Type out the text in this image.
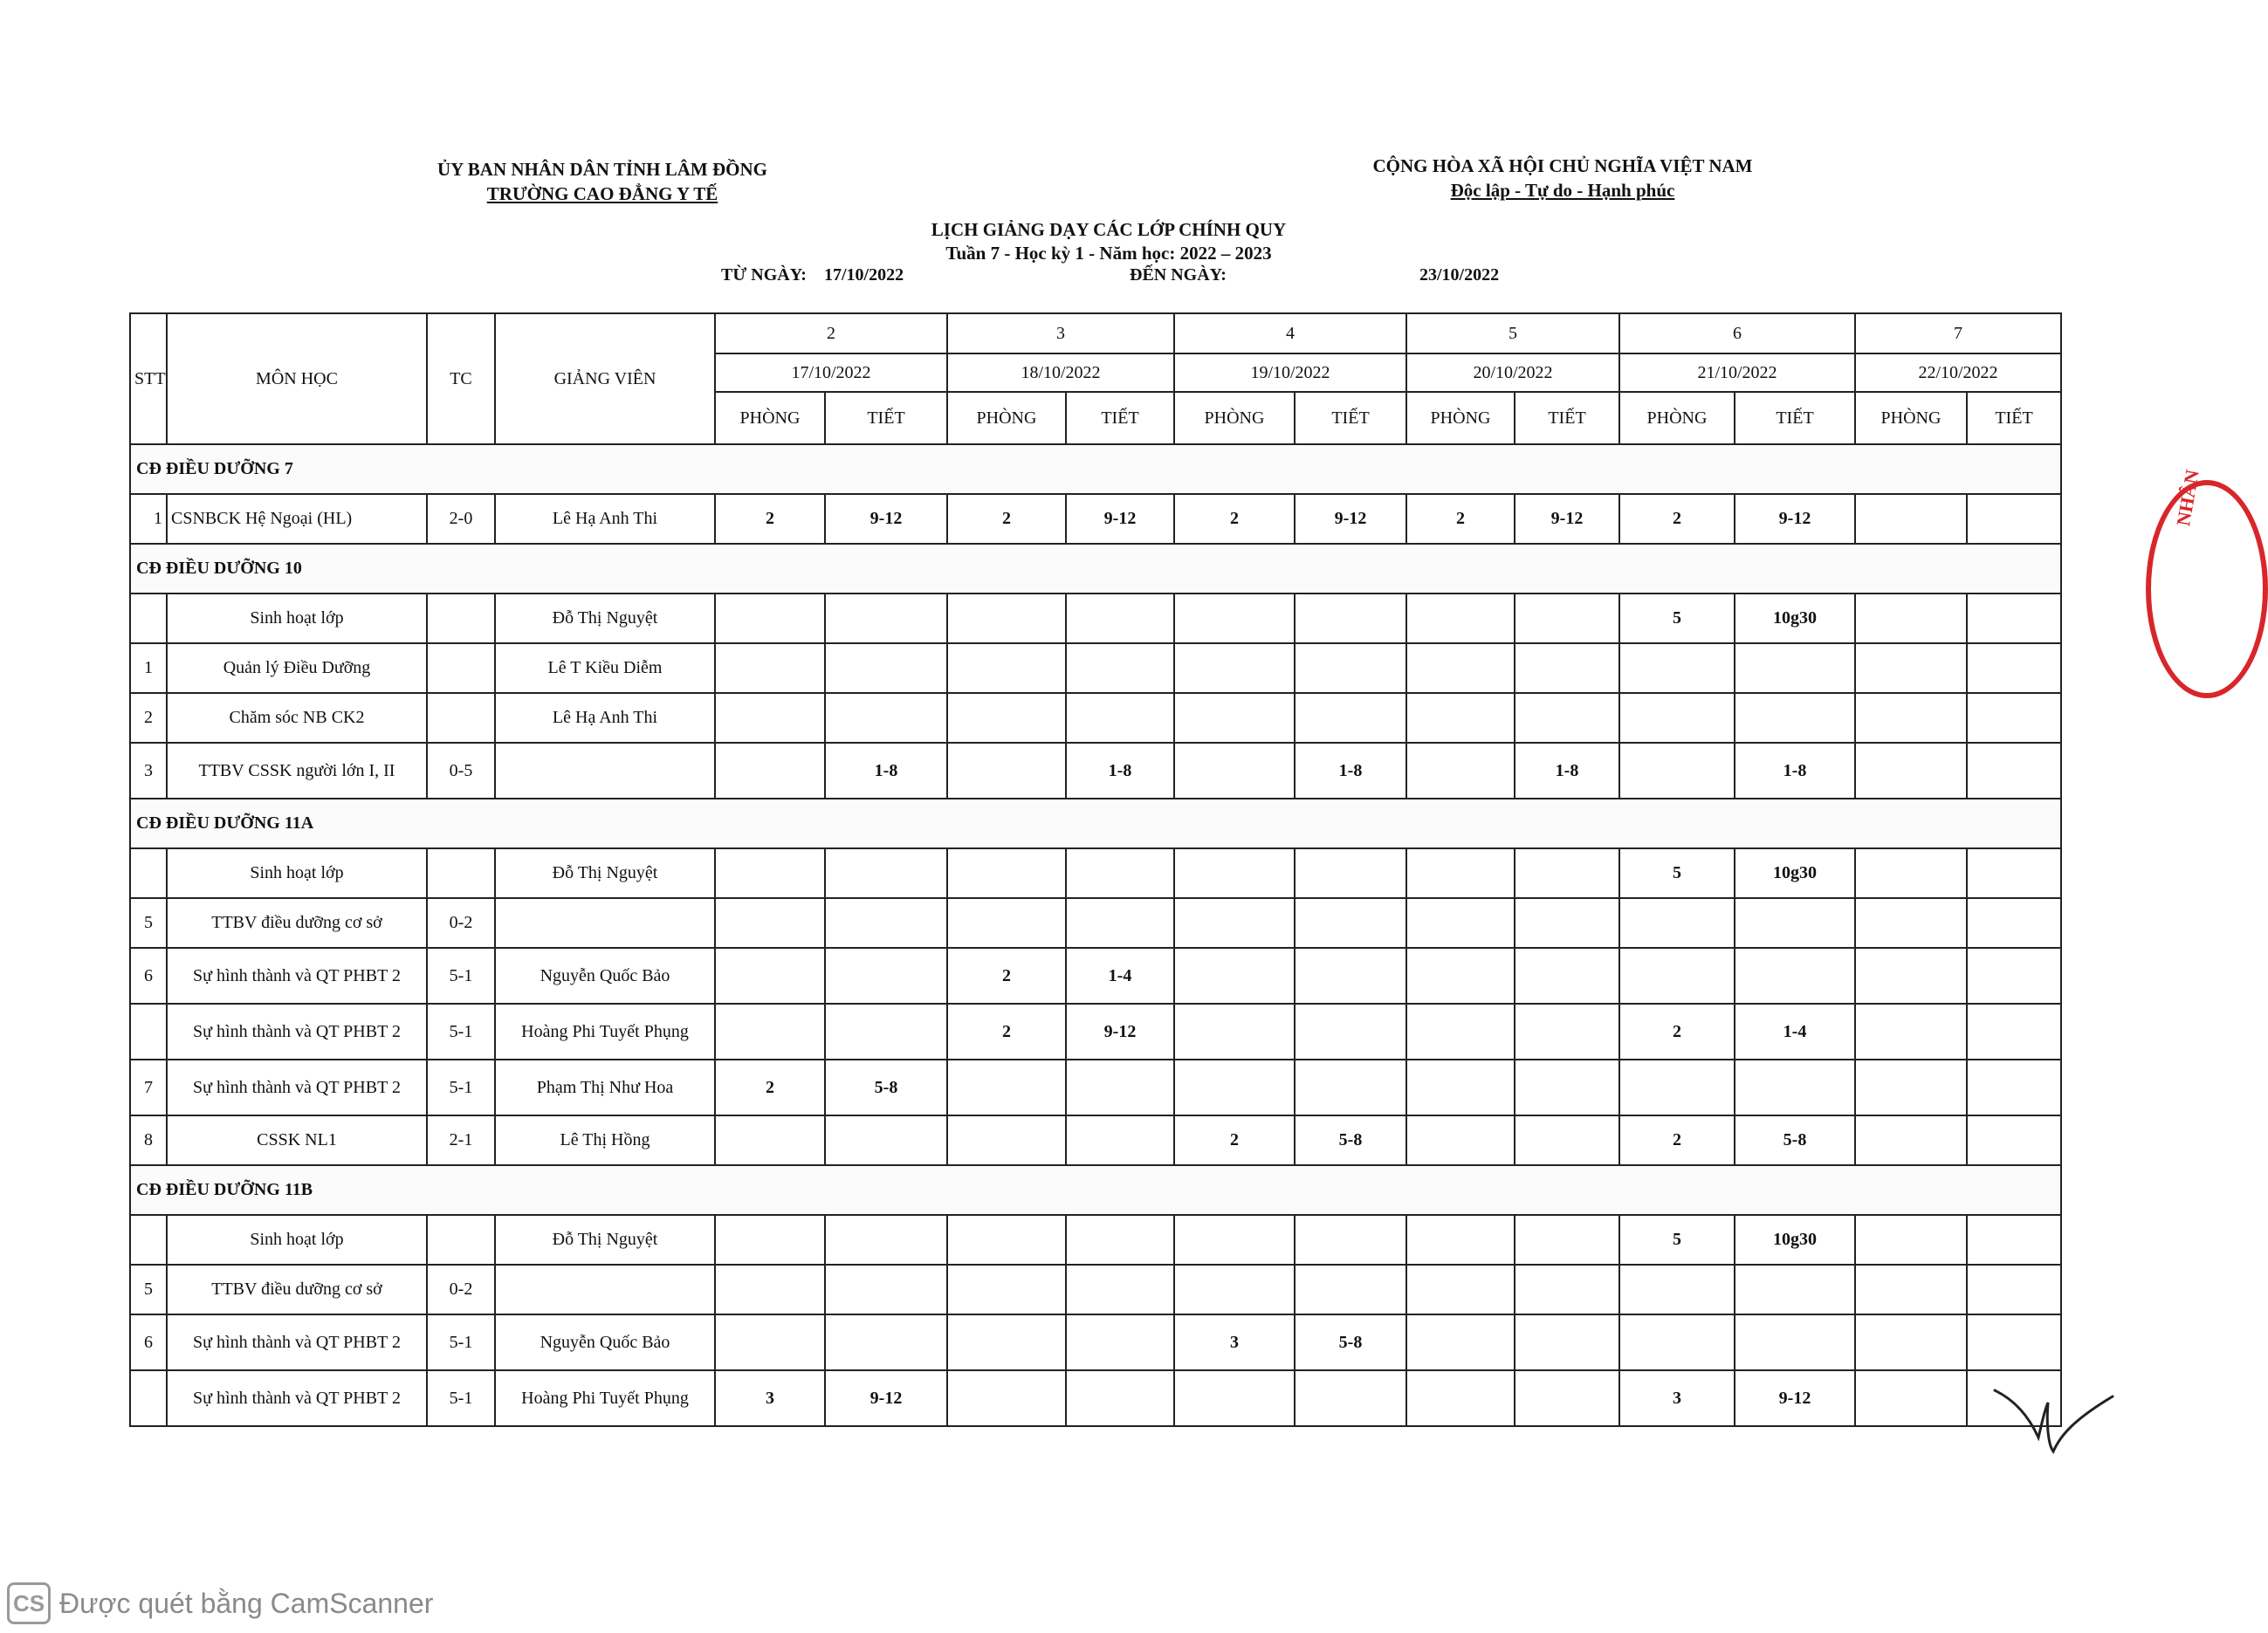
ỦY BAN NHÂN DÂN TỈNH LÂM ĐỒNG
TRƯỜNG CAO ĐẲNG Y TẾ
CỘNG HÒA XÃ HỘI CHỦ NGHĨA VIỆT NAM
Độc lập - Tự do - Hạnh phúc
LỊCH GIẢNG DẠY CÁC LỚP CHÍNH QUY
Tuần 7 - Học kỳ 1 - Năm học: 2022 – 2023
TỪ NGÀY: 17/10/2022	ĐẾN NGÀY:	23/10/2022
STT	MÔN HỌC	TC	GIẢNG VIÊN	2		3		4		5		6		7	
				17/10/2022		18/10/2022		19/10/2022		20/10/2022		21/10/2022		22/10/2022	
				PHÒNG	TIẾT	PHÒNG	TIẾT	PHÒNG	TIẾT	PHÒNG	TIẾT	PHÒNG	TIẾT	PHÒNG	TIẾT
CĐ ĐIỀU DƯỠNG 7															
1	CSNBCK Hệ Ngoại (HL)	2-0	Lê Hạ Anh Thi	2	9-12	2	9-12	2	9-12	2	9-12	2	9-12		
CĐ ĐIỀU DƯỠNG 10															
	Sinh hoạt lớp		Đỗ Thị Nguyệt									5	10g30		
1	Quản lý Điều Dưỡng		Lê T Kiều Diễm												
2	Chăm sóc NB CK2		Lê Hạ Anh Thi												
3	TTBV CSSK người lớn I, II	0-5			1-8		1-8		1-8		1-8		1-8		
CĐ ĐIỀU DƯỠNG 11A															
	Sinh hoạt lớp		Đỗ Thị Nguyệt									5	10g30		
5	TTBV điều dưỡng cơ sở	0-2													
6	Sự hình thành và QT PHBT 2	5-1	Nguyễn Quốc Bảo			2	1-4								
	Sự hình thành và QT PHBT 2	5-1	Hoàng Phi Tuyết Phụng			2	9-12					2	1-4		
7	Sự hình thành và QT PHBT 2	5-1	Phạm Thị Như Hoa	2	5-8										
8	CSSK NL1	2-1	Lê Thị Hồng					2	5-8			2	5-8		
CĐ ĐIỀU DƯỠNG 11B															
	Sinh hoạt lớp		Đỗ Thị Nguyệt									5	10g30		
5	TTBV điều dưỡng cơ sở	0-2													
6	Sự hình thành và QT PHBT 2	5-1	Nguyễn Quốc Bảo					3	5-8						
	Sự hình thành và QT PHBT 2	5-1	Hoàng Phi Tuyết Phụng	3	9-12							3	9-12		
NHÂN
CS Được quét bằng CamScanner
